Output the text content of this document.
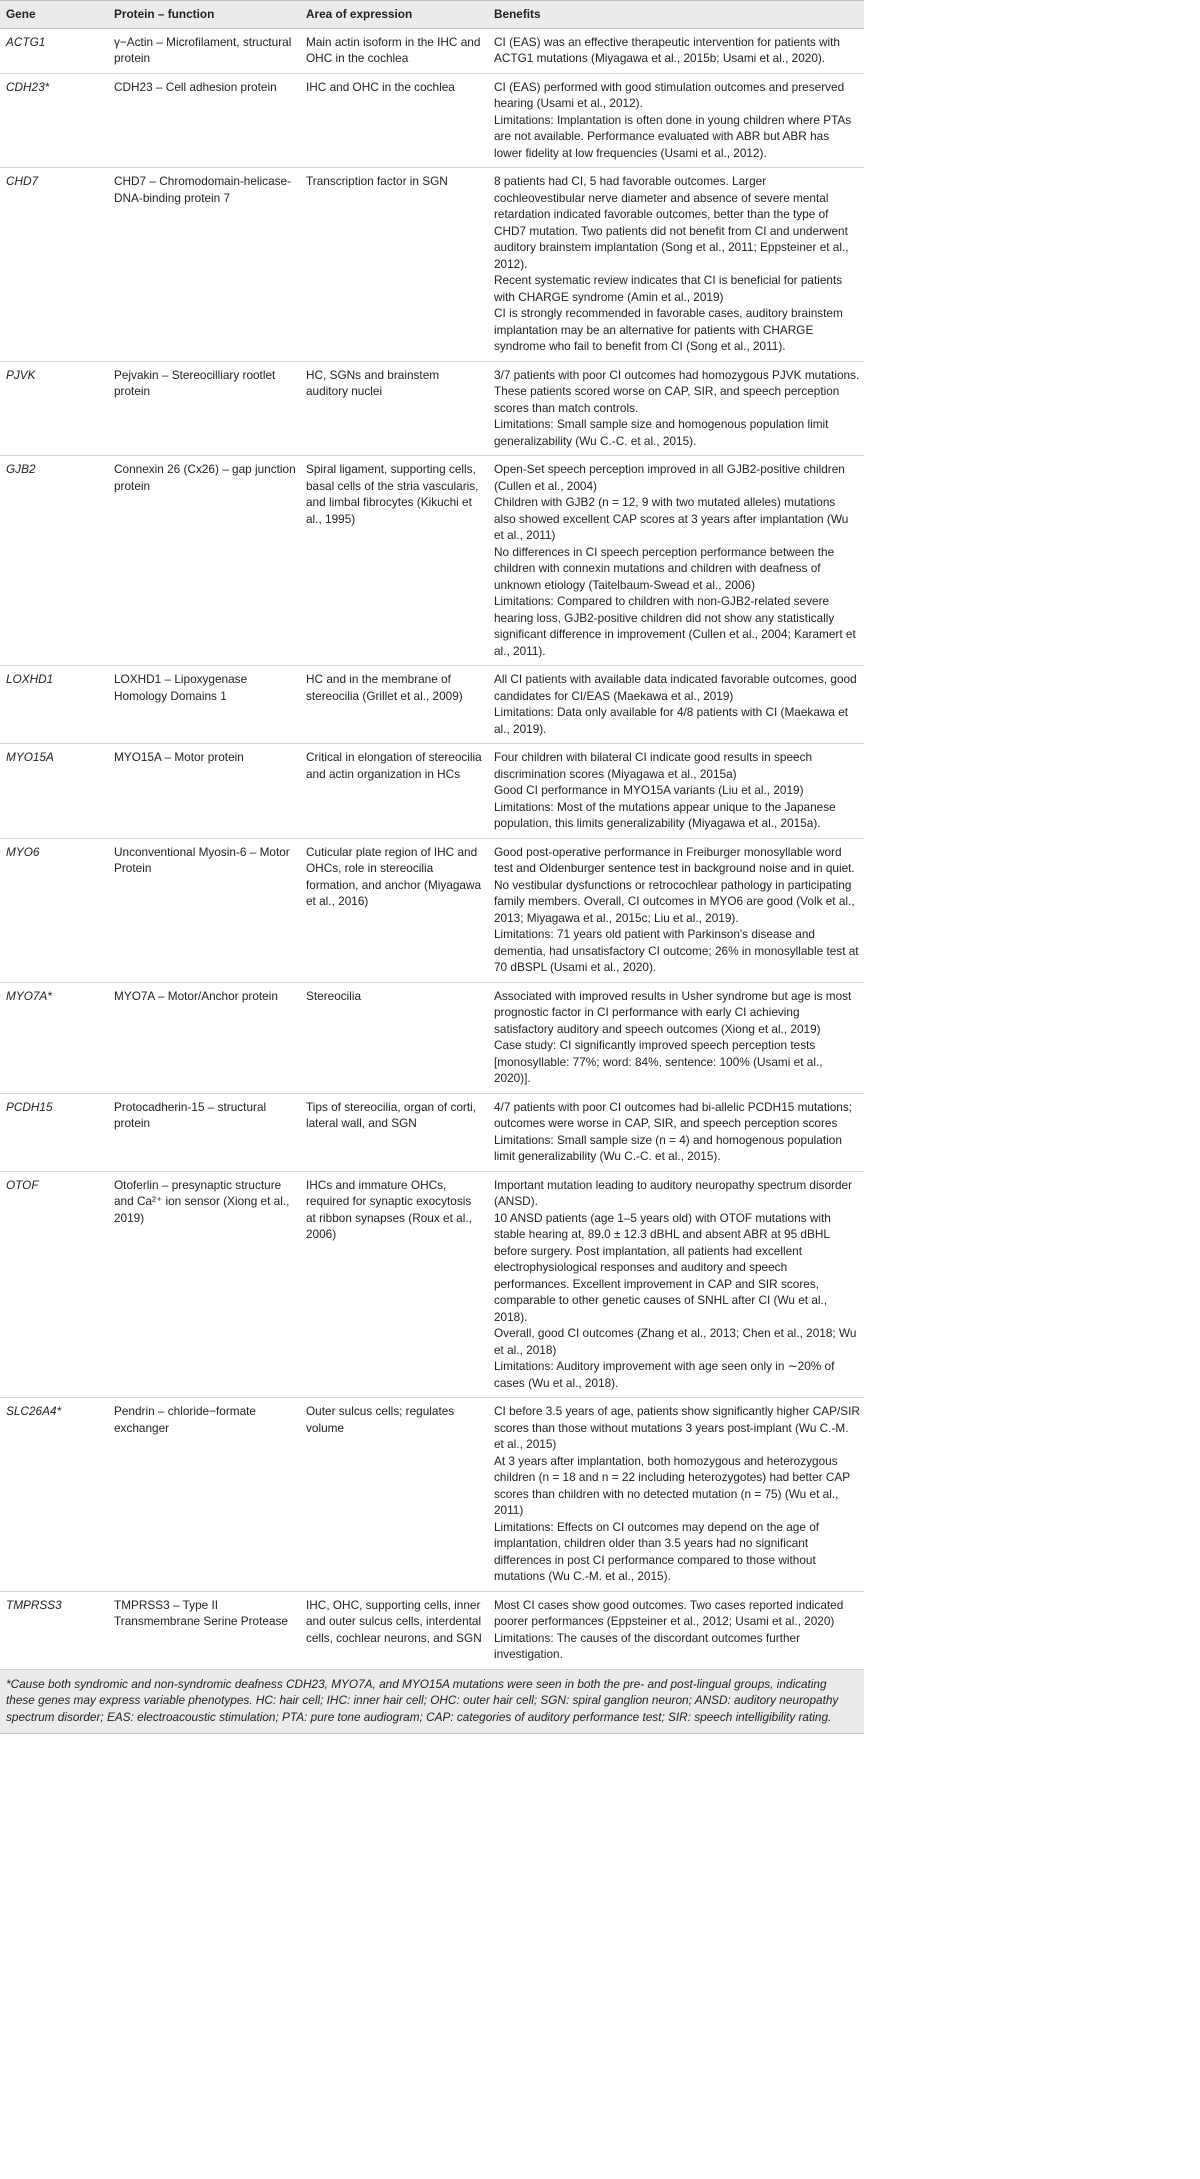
Gene	Protein – function	Area of expression	Benefits
ACTG1	γ−Actin – Microfilament, structural protein	Main actin isoform in the IHC and OHC in the cochlea	CI (EAS) was an effective therapeutic intervention for patients with ACTG1 mutations (Miyagawa et al., 2015b; Usami et al., 2020).

CDH23*	CDH23 – Cell adhesion protein	IHC and OHC in the cochlea	CI (EAS) performed with good stimulation outcomes and preserved hearing (Usami et al., 2012).
Limitations: Implantation is often done in young children where PTAs are not available. Performance evaluated with ABR but ABR has lower fidelity at low frequencies (Usami et al., 2012).

CHD7	CHD7 – Chromodomain-helicase-DNA-binding protein 7	Transcription factor in SGN	8 patients had CI, 5 had favorable outcomes. Larger cochleovestibular nerve diameter and absence of severe mental retardation indicated favorable outcomes, better than the type of CHD7 mutation. Two patients did not benefit from CI and underwent auditory brainstem implantation (Song et al., 2011; Eppsteiner et al., 2012).
Recent systematic review indicates that CI is beneficial for patients with CHARGE syndrome (Amin et al., 2019)
CI is strongly recommended in favorable cases, auditory brainstem implantation may be an alternative for patients with CHARGE syndrome who fail to benefit from CI (Song et al., 2011).

PJVK	Pejvakin – Stereocilliary rootlet protein	HC, SGNs and brainstem auditory nuclei	3/7 patients with poor CI outcomes had homozygous PJVK mutations. These patients scored worse on CAP, SIR, and speech perception scores than match controls.
Limitations: Small sample size and homogenous population limit generalizability (Wu C.-C. et al., 2015).

GJB2	Connexin 26 (Cx26) – gap junction protein	Spiral ligament, supporting cells, basal cells of the stria vascularis, and limbal fibrocytes (Kikuchi et al., 1995)	Open-Set speech perception improved in all GJB2-positive children (Cullen et al., 2004)
Children with GJB2 (n = 12, 9 with two mutated alleles) mutations also showed excellent CAP scores at 3 years after implantation (Wu et al., 2011)
No differences in CI speech perception performance between the children with connexin mutations and children with deafness of unknown etiology (Taitelbaum-Swead et al., 2006)
Limitations: Compared to children with non-GJB2-related severe hearing loss, GJB2-positive children did not show any statistically significant difference in improvement (Cullen et al., 2004; Karamert et al., 2011).

LOXHD1	LOXHD1 – Lipoxygenase Homology Domains 1	HC and in the membrane of stereocilia (Grillet et al., 2009)	All CI patients with available data indicated favorable outcomes, good candidates for CI/EAS (Maekawa et al., 2019)
Limitations: Data only available for 4/8 patients with CI (Maekawa et al., 2019).

MYO15A	MYO15A – Motor protein	Critical in elongation of stereocilia and actin organization in HCs	Four children with bilateral CI indicate good results in speech discrimination scores (Miyagawa et al., 2015a)
Good CI performance in MYO15A variants (Liu et al., 2019)
Limitations: Most of the mutations appear unique to the Japanese population, this limits generalizability (Miyagawa et al., 2015a).

MYO6	Unconventional Myosin-6 – Motor Protein	Cuticular plate region of IHC and OHCs, role in stereocilia formation, and anchor (Miyagawa et al., 2016)	Good post-operative performance in Freiburger monosyllable word test and Oldenburger sentence test in background noise and in quiet. No vestibular dysfunctions or retrocochlear pathology in participating family members. Overall, CI outcomes in MYO6 are good (Volk et al., 2013; Miyagawa et al., 2015c; Liu et al., 2019).
Limitations: 71 years old patient with Parkinson's disease and dementia, had unsatisfactory CI outcome; 26% in monosyllable test at 70 dBSPL (Usami et al., 2020).

MYO7A*	MYO7A – Motor/Anchor protein	Stereocilia	Associated with improved results in Usher syndrome but age is most prognostic factor in CI performance with early CI achieving satisfactory auditory and speech outcomes (Xiong et al., 2019)
Case study: CI significantly improved speech perception tests [monosyllable: 77%; word: 84%, sentence: 100% (Usami et al., 2020)].

PCDH15	Protocadherin-15 – structural protein	Tips of stereocilia, organ of corti, lateral wall, and SGN	4/7 patients with poor CI outcomes had bi-allelic PCDH15 mutations; outcomes were worse in CAP, SIR, and speech perception scores
Limitations: Small sample size (n = 4) and homogenous population limit generalizability (Wu C.-C. et al., 2015).

OTOF	Otoferlin – presynaptic structure and Ca²⁺ ion sensor (Xiong et al., 2019)	IHCs and immature OHCs, required for synaptic exocytosis at ribbon synapses (Roux et al., 2006)	Important mutation leading to auditory neuropathy spectrum disorder (ANSD).
10 ANSD patients (age 1–5 years old) with OTOF mutations with stable hearing at, 89.0 ± 12.3 dBHL and absent ABR at 95 dBHL before surgery. Post implantation, all patients had excellent electrophysiological responses and auditory and speech performances. Excellent improvement in CAP and SIR scores, comparable to other genetic causes of SNHL after CI (Wu et al., 2018).
Overall, good CI outcomes (Zhang et al., 2013; Chen et al., 2018; Wu et al., 2018)
Limitations: Auditory improvement with age seen only in ∼20% of cases (Wu et al., 2018).

SLC26A4*	Pendrin – chloride−formate exchanger	Outer sulcus cells; regulates volume	CI before 3.5 years of age, patients show significantly higher CAP/SIR scores than those without mutations 3 years post-implant (Wu C.-M. et al., 2015)
At 3 years after implantation, both homozygous and heterozygous children (n = 18 and n = 22 including heterozygotes) had better CAP scores than children with no detected mutation (n = 75) (Wu et al., 2011)
Limitations: Effects on CI outcomes may depend on the age of implantation, children older than 3.5 years had no significant differences in post CI performance compared to those without mutations (Wu C.-M. et al., 2015).

TMPRSS3	TMPRSS3 – Type II Transmembrane Serine Protease	IHC, OHC, supporting cells, inner and outer sulcus cells, interdental cells, cochlear neurons, and SGN	Most CI cases show good outcomes. Two cases reported indicated poorer performances (Eppsteiner et al., 2012; Usami et al., 2020)
Limitations: The causes of the discordant outcomes further investigation.
*Cause both syndromic and non-syndromic deafness CDH23, MYO7A, and MYO15A mutations were seen in both the pre- and post-lingual groups, indicating these genes may express variable phenotypes. HC: hair cell; IHC: inner hair cell; OHC: outer hair cell; SGN: spiral ganglion neuron; ANSD: auditory neuropathy spectrum disorder; EAS: electroacoustic stimulation; PTA: pure tone audiogram; CAP: categories of auditory performance test; SIR: speech intelligibility rating.
